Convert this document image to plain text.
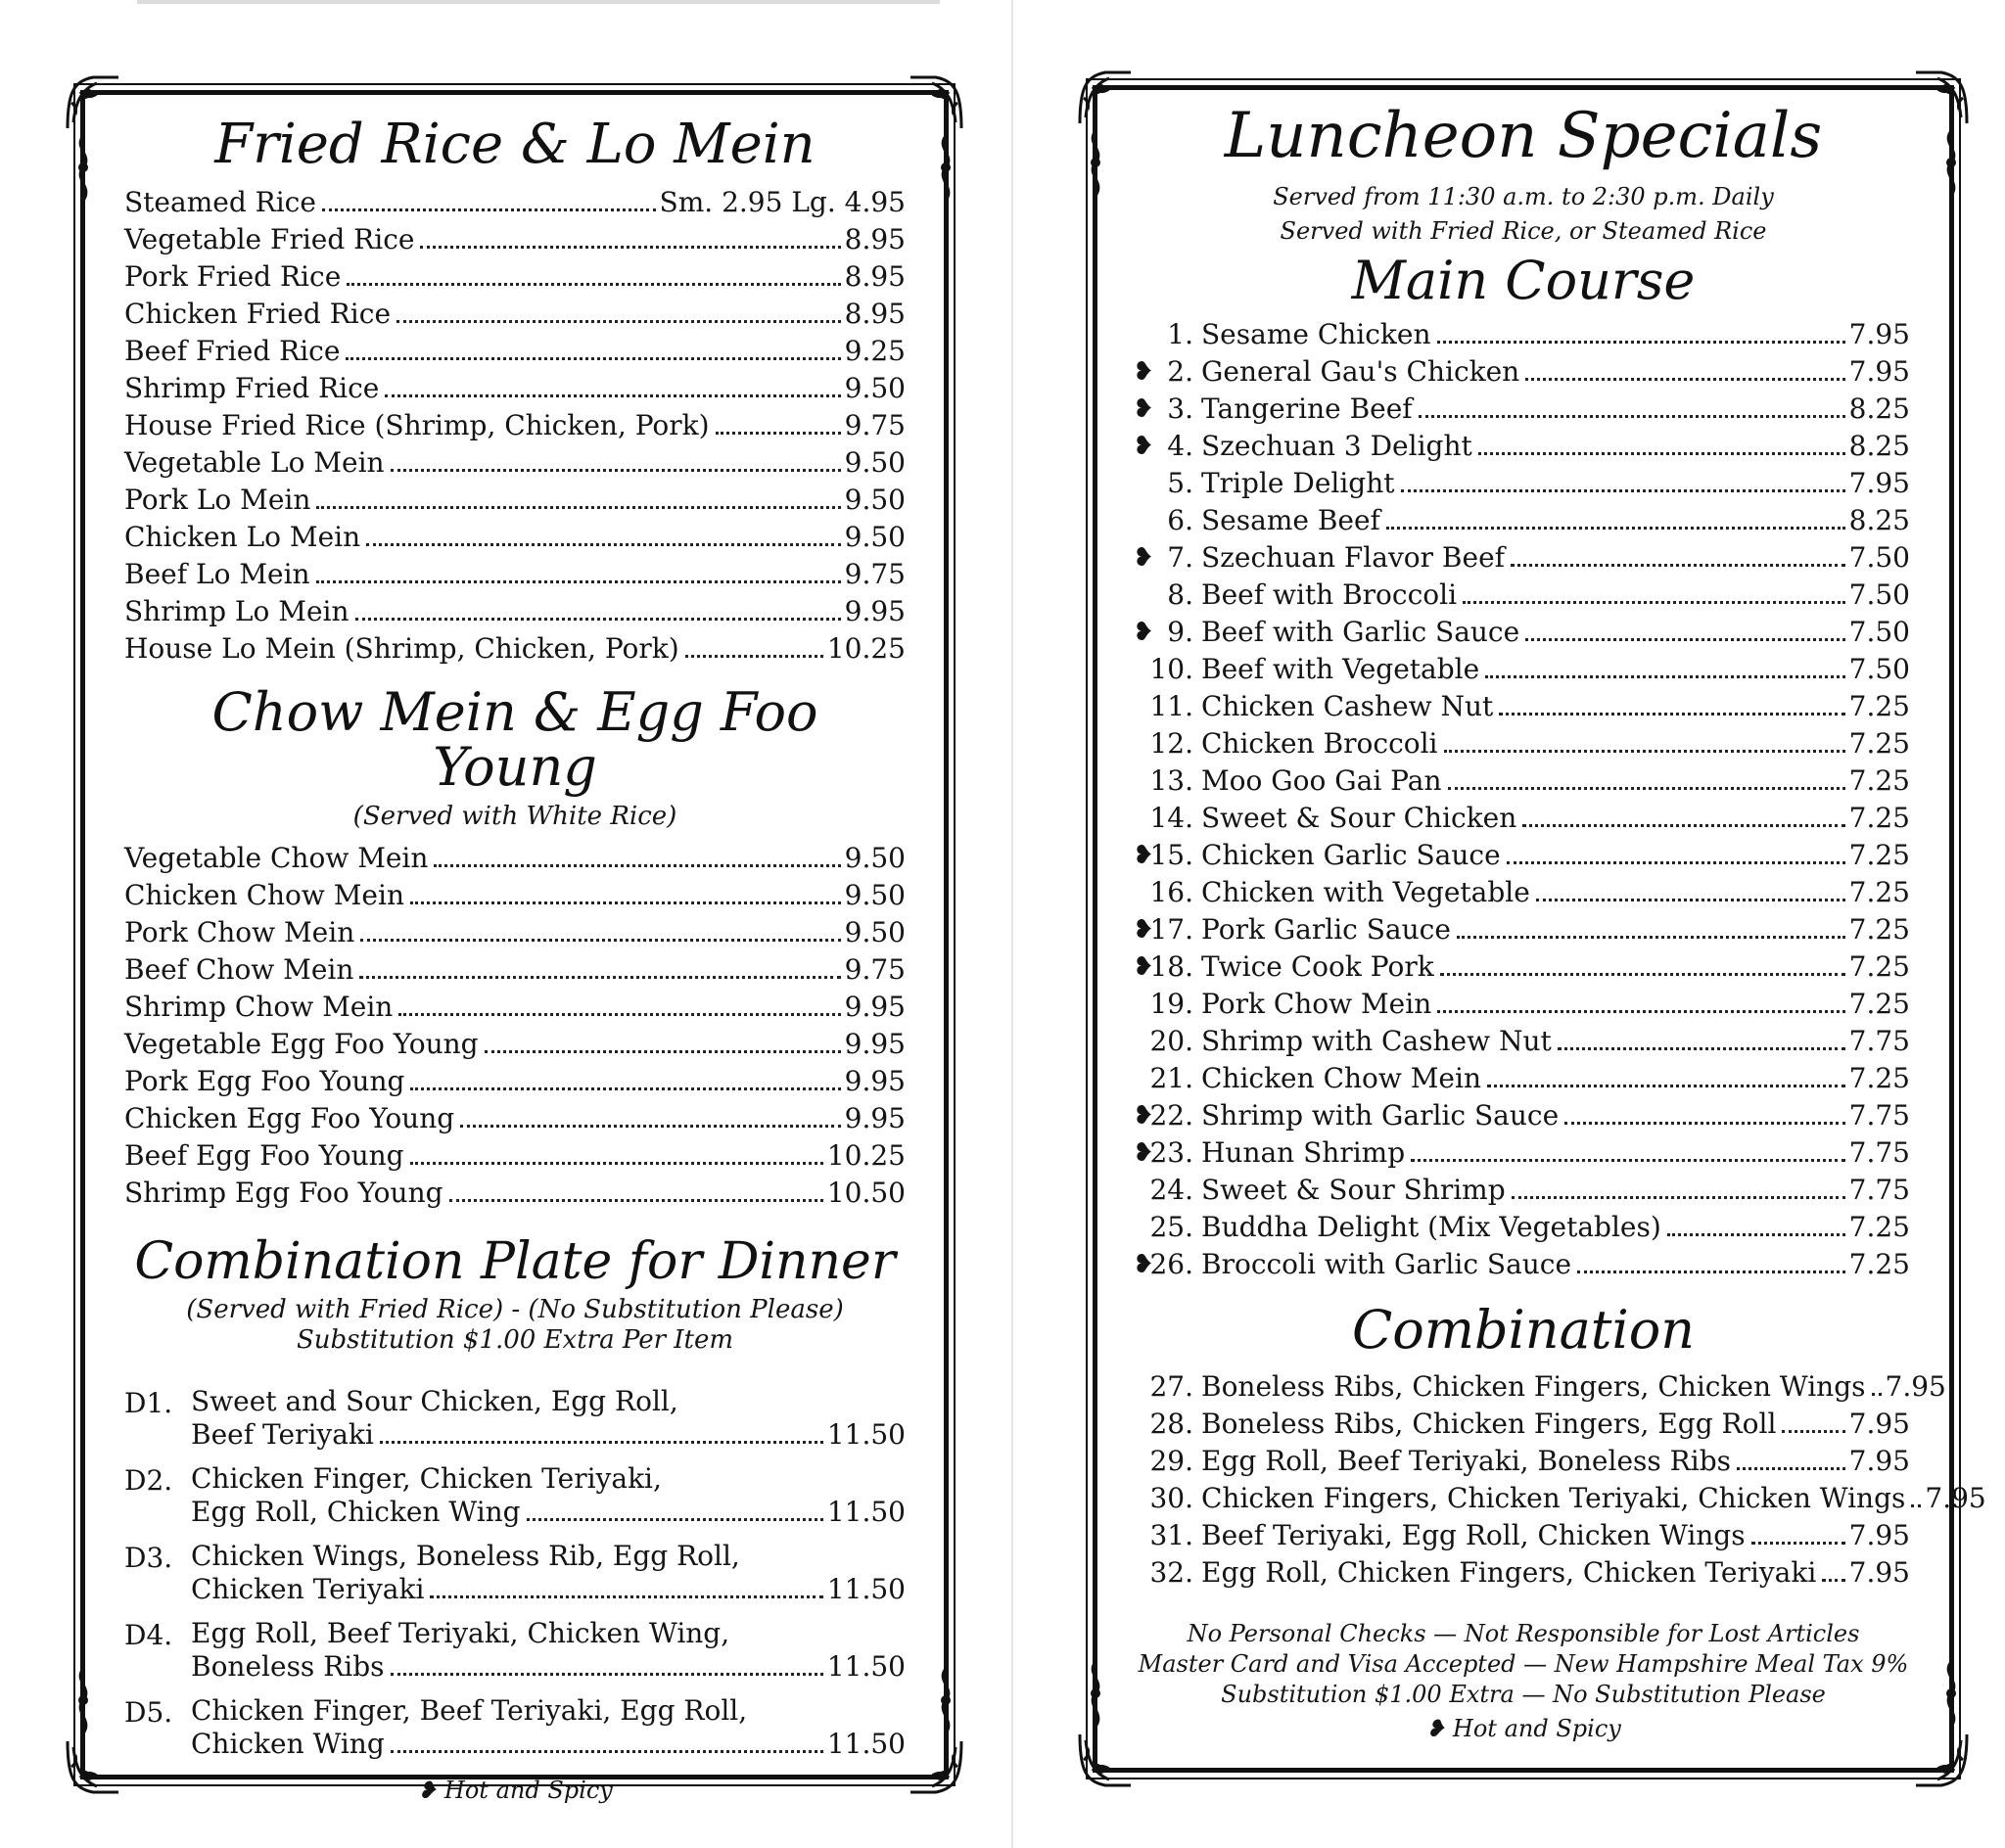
Fried Rice & Lo Mein
Steamed Rice	Sm. 2.95 Lg. 4.95
Vegetable Fried Rice	8.95
Pork Fried Rice	8.95
Chicken Fried Rice	8.95
Beef Fried Rice	9.25
Shrimp Fried Rice	9.50
House Fried Rice (Shrimp, Chicken, Pork)	9.75
Vegetable Lo Mein	9.50
Pork Lo Mein	9.50
Chicken Lo Mein	9.50
Beef Lo Mein	9.75
Shrimp Lo Mein	9.95
House Lo Mein (Shrimp, Chicken, Pork)	10.25
Chow Mein & Egg Foo Young

(Served with White Rice)

Vegetable Chow Mein	9.50
Chicken Chow Mein	9.50
Pork Chow Mein	9.50
Beef Chow Mein	9.75
Shrimp Chow Mein	9.95
Vegetable Egg Foo Young	9.95
Pork Egg Foo Young	9.95
Chicken Egg Foo Young	9.95
Beef Egg Foo Young	10.25
Shrimp Egg Foo Young	10.50
Combination Plate for Dinner

(Served with Fried Rice) - (No Substitution Please)

Substitution $1.00 Extra Per Item

D1. Sweet and Sour Chicken, Egg Roll,
Beef Teriyaki	11.50
D2. Chicken Finger, Chicken Teriyaki,
Egg Roll, Chicken Wing	11.50
D3. Chicken Wings, Boneless Rib, Egg Roll,
Chicken Teriyaki	11.50
D4. Egg Roll, Beef Teriyaki, Chicken Wing,
Boneless Ribs	11.50
D5. Chicken Finger, Beef Teriyaki, Egg Roll,
Chicken Wing	11.50
❥ Hot and Spicy
Luncheon Specials

Served from 11:30 a.m. to 2:30 p.m. Daily

Served with Fried Rice, or Steamed Rice

Main Course
1. Sesame Chicken	7.95
❥ 2. General Gau's Chicken	7.95
❥ 3. Tangerine Beef	8.25
❥ 4. Szechuan 3 Delight	8.25
5. Triple Delight	7.95
6. Sesame Beef	8.25
❥ 7. Szechuan Flavor Beef	7.50
8. Beef with Broccoli	7.50
❥ 9. Beef with Garlic Sauce	7.50
10. Beef with Vegetable	7.50
11. Chicken Cashew Nut	7.25
12. Chicken Broccoli	7.25
13. Moo Goo Gai Pan	7.25
14. Sweet & Sour Chicken	7.25
❥
15. Chicken Garlic Sauce	7.25
16. Chicken with Vegetable	7.25
❥
17. Pork Garlic Sauce	7.25
❥
18. Twice Cook Pork	7.25
19. Pork Chow Mein	7.25
20. Shrimp with Cashew Nut	7.75
21. Chicken Chow Mein	7.25
❥
22. Shrimp with Garlic Sauce	7.75
❥
23. Hunan Shrimp	7.75
24. Sweet & Sour Shrimp	7.75
25. Buddha Delight (Mix Vegetables)	7.25
❥
26. Broccoli with Garlic Sauce	7.25
Combination
27. Boneless Ribs, Chicken Fingers, Chicken Wings 7.95
28. Boneless Ribs, Chicken Fingers, Egg Roll	7.95
29. Egg Roll, Beef Teriyaki, Boneless Ribs	7.95
30. Chicken Fingers, Chicken Teriyaki, Chicken Wings 7.95
31. Beef Teriyaki, Egg Roll, Chicken Wings	7.95
32. Egg Roll, Chicken Fingers, Chicken Teriyaki 7.95
No Personal Checks — Not Responsible for Lost Articles
Master Card and Visa Accepted — New Hampshire Meal Tax 9%
Substitution $1.00 Extra — No Substitution Please
❥ Hot and Spicy
